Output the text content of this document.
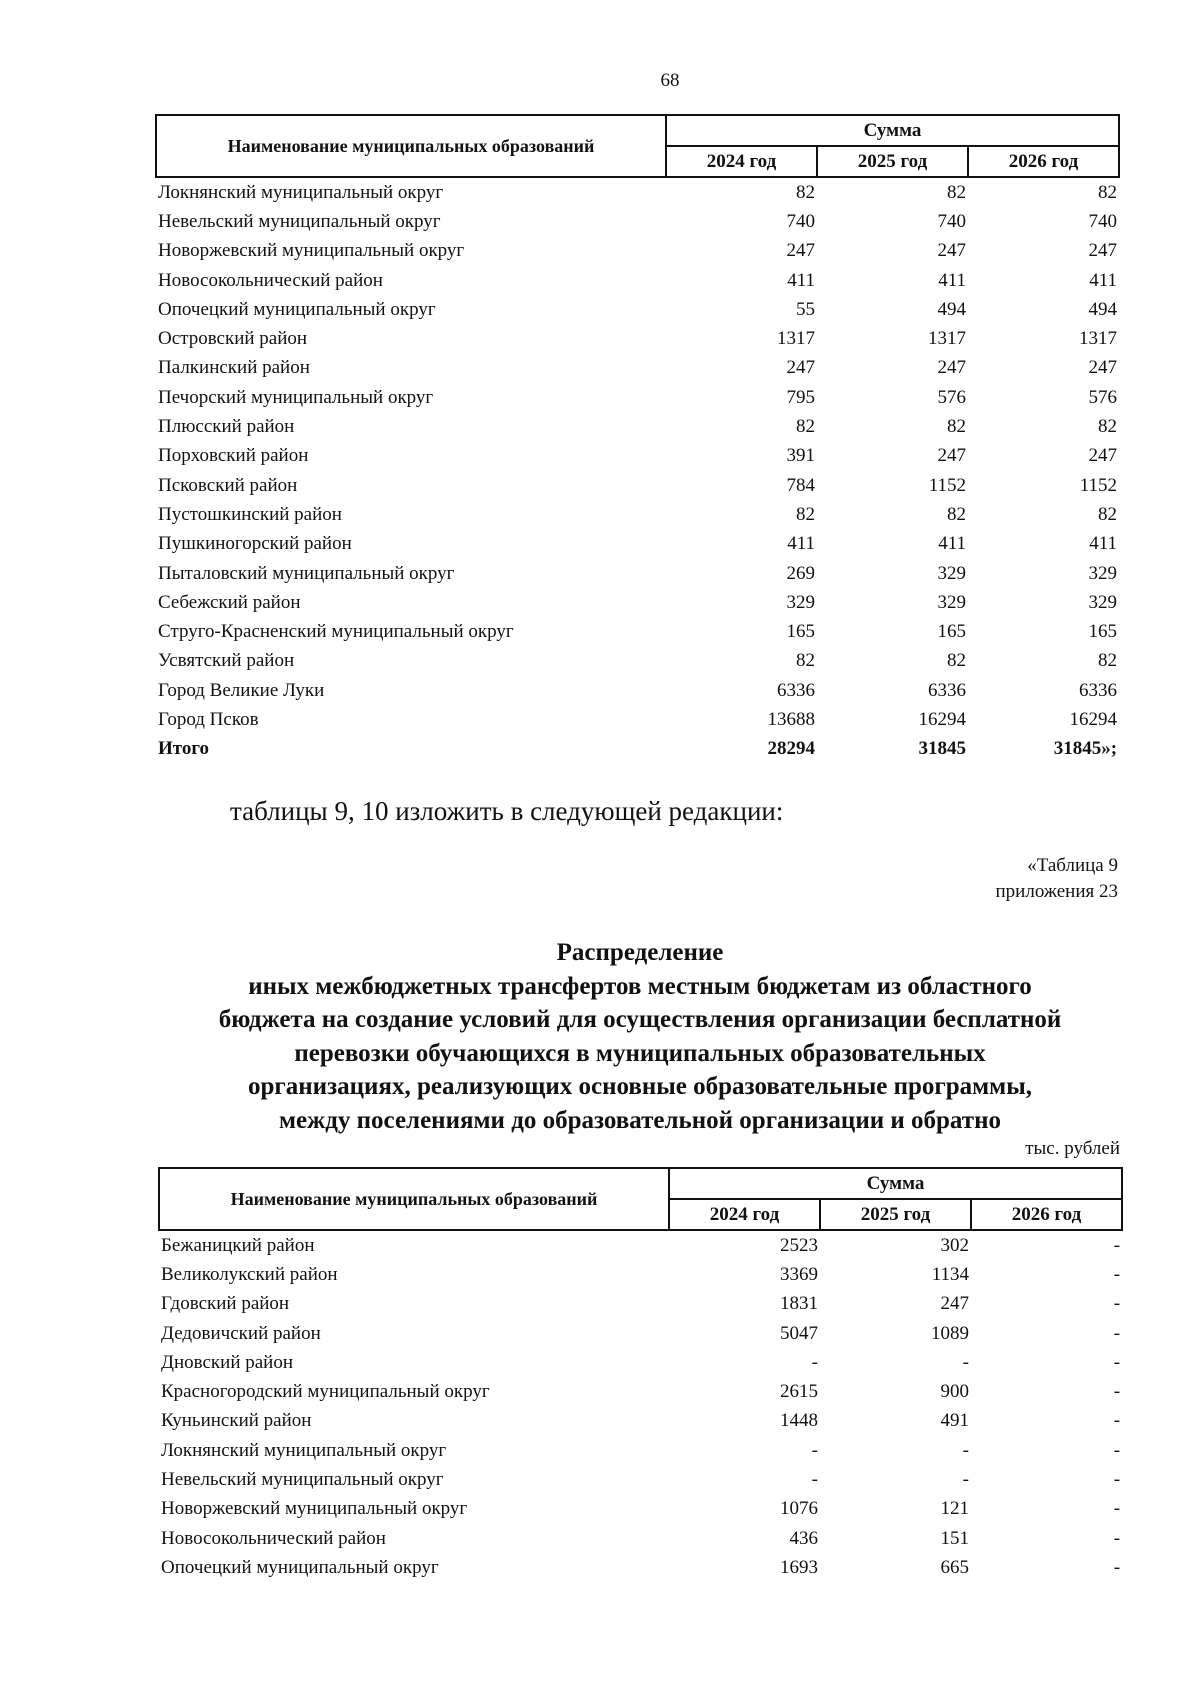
68
Наименование муниципальных образований	Сумма		
	2024 год	2025 год	2026 год
Локнянский муниципальный округ	82	82	82
Невельский муниципальный округ	740	740	740
Новоржевский муниципальный округ	247	247	247
Новосокольнический район	411	411	411
Опочецкий муниципальный округ	55	494	494
Островский район	1317	1317	1317
Палкинский район	247	247	247
Печорский муниципальный округ	795	576	576
Плюсский район	82	82	82
Порховский район	391	247	247
Псковский район	784	1152	1152
Пустошкинский район	82	82	82
Пушкиногорский район	411	411	411
Пыталовский муниципальный округ	269	329	329
Себежский район	329	329	329
Струго-Красненский муниципальный округ	165	165	165
Усвятский район	82	82	82
Город Великие Луки	6336	6336	6336
Город Псков	13688	16294	16294
Итого	28294	31845	31845»;
таблицы 9, 10 изложить в следующей редакции:
«Таблица 9
приложения 23
Распределение
иных межбюджетных трансфертов местным бюджетам из областного
бюджета на создание условий для осуществления организации бесплатной
перевозки обучающихся в муниципальных образовательных
организациях, реализующих основные образовательные программы,
между поселениями до образовательной организации и обратно
тыс. рублей
Наименование муниципальных образований	Сумма		
	2024 год	2025 год	2026 год
Бежаницкий район	2523	302	-
Великолукский район	3369	1134	-
Гдовский район	1831	247	-
Дедовичский район	5047	1089	-
Дновский район	-	-	-
Красногородский муниципальный округ	2615	900	-
Куньинский район	1448	491	-
Локнянский муниципальный округ	-	-	-
Невельский муниципальный округ	-	-	-
Новоржевский муниципальный округ	1076	121	-
Новосокольнический район	436	151	-
Опочецкий муниципальный округ	1693	665	-
